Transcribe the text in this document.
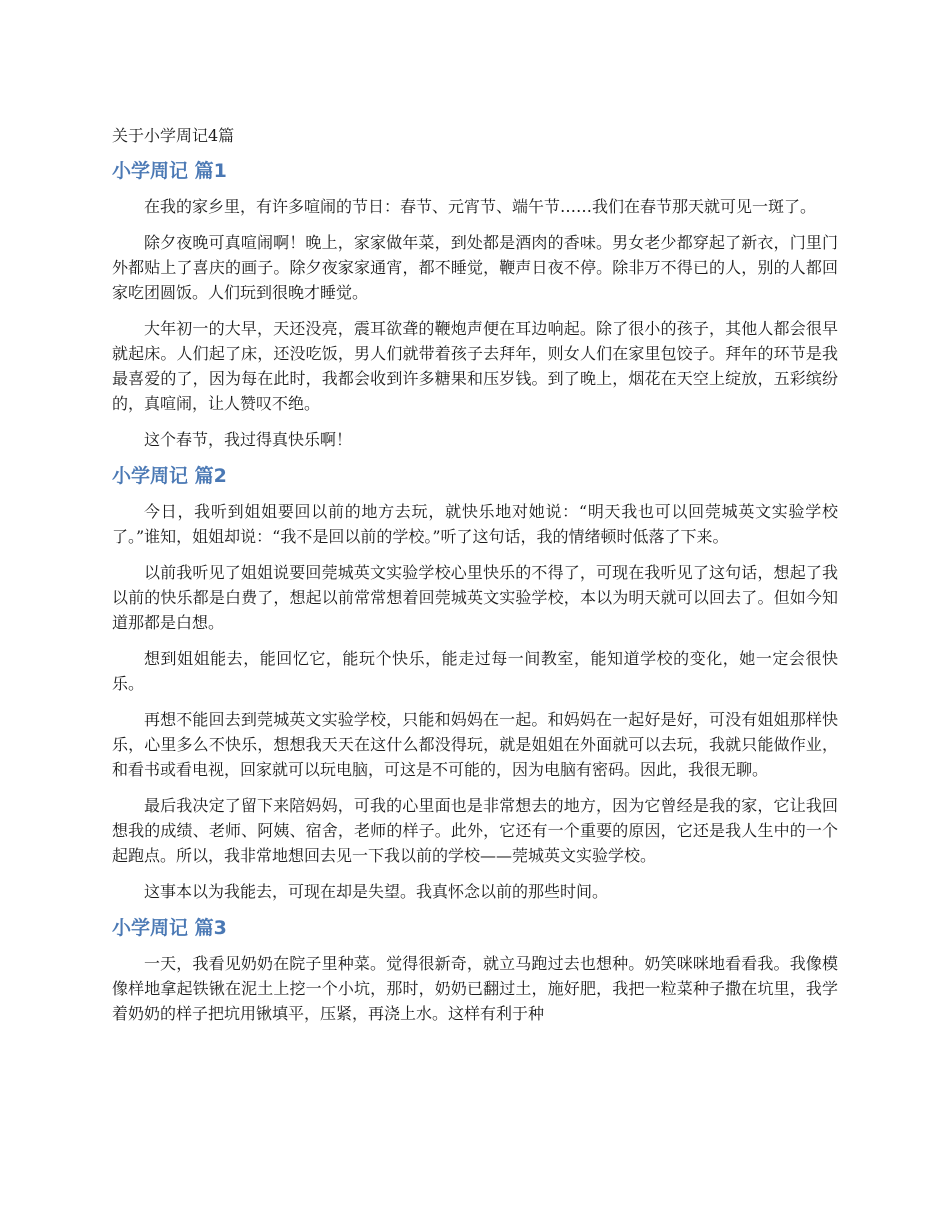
关于小学周记4篇
小学周记 篇1

在我的家乡里，有许多喧闹的节日：春节、元宵节、端午节……我们在春节那天就可见一斑了。

除夕夜晚可真喧闹啊！晚上，家家做年菜，到处都是酒肉的香味。男女老少都穿起了新衣，门里门外都贴上了喜庆的画子。除夕夜家家通宵，都不睡觉，鞭声日夜不停。除非万不得已的人，别的人都回家吃团圆饭。人们玩到很晚才睡觉。

大年初一的大早，天还没亮，震耳欲聋的鞭炮声便在耳边响起。除了很小的孩子，其他人都会很早就起床。人们起了床，还没吃饭，男人们就带着孩子去拜年，则女人们在家里包饺子。拜年的环节是我最喜爱的了，因为每在此时，我都会收到许多糖果和压岁钱。到了晚上，烟花在天空上绽放，五彩缤纷的，真喧闹，让人赞叹不绝。

这个春节，我过得真快乐啊！

小学周记 篇2

今日，我听到姐姐要回以前的地方去玩，就快乐地对她说：“明天我也可以回莞城英文实验学校了。”谁知，姐姐却说：“我不是回以前的学校。”听了这句话，我的情绪顿时低落了下来。

以前我听见了姐姐说要回莞城英文实验学校心里快乐的不得了，可现在我听见了这句话，想起了我以前的快乐都是白费了，想起以前常常想着回莞城英文实验学校，本以为明天就可以回去了。但如今知道那都是白想。

想到姐姐能去，能回忆它，能玩个快乐，能走过每一间教室，能知道学校的变化，她一定会很快乐。

再想不能回去到莞城英文实验学校，只能和妈妈在一起。和妈妈在一起好是好，可没有姐姐那样快乐，心里多么不快乐，想想我天天在这什么都没得玩，就是姐姐在外面就可以去玩，我就只能做作业，和看书或看电视，回家就可以玩电脑，可这是不可能的，因为电脑有密码。因此，我很无聊。

最后我决定了留下来陪妈妈，可我的心里面也是非常想去的地方，因为它曾经是我的家，它让我回想我的成绩、老师、阿姨、宿舍，老师的样子。此外，它还有一个重要的原因，它还是我人生中的一个起跑点。所以，我非常地想回去见一下我以前的学校——莞城英文实验学校。

这事本以为我能去，可现在却是失望。我真怀念以前的那些时间。

小学周记 篇3

一天，我看见奶奶在院子里种菜。觉得很新奇，就立马跑过去也想种。奶笑咪咪地看看我。我像模像样地拿起铁锹在泥土上挖一个小坑，那时，奶奶已翻过土，施好肥，我把一粒菜种子撒在坑里，我学着奶奶的样子把坑用锹填平，压紧，再浇上水。这样有利于种
